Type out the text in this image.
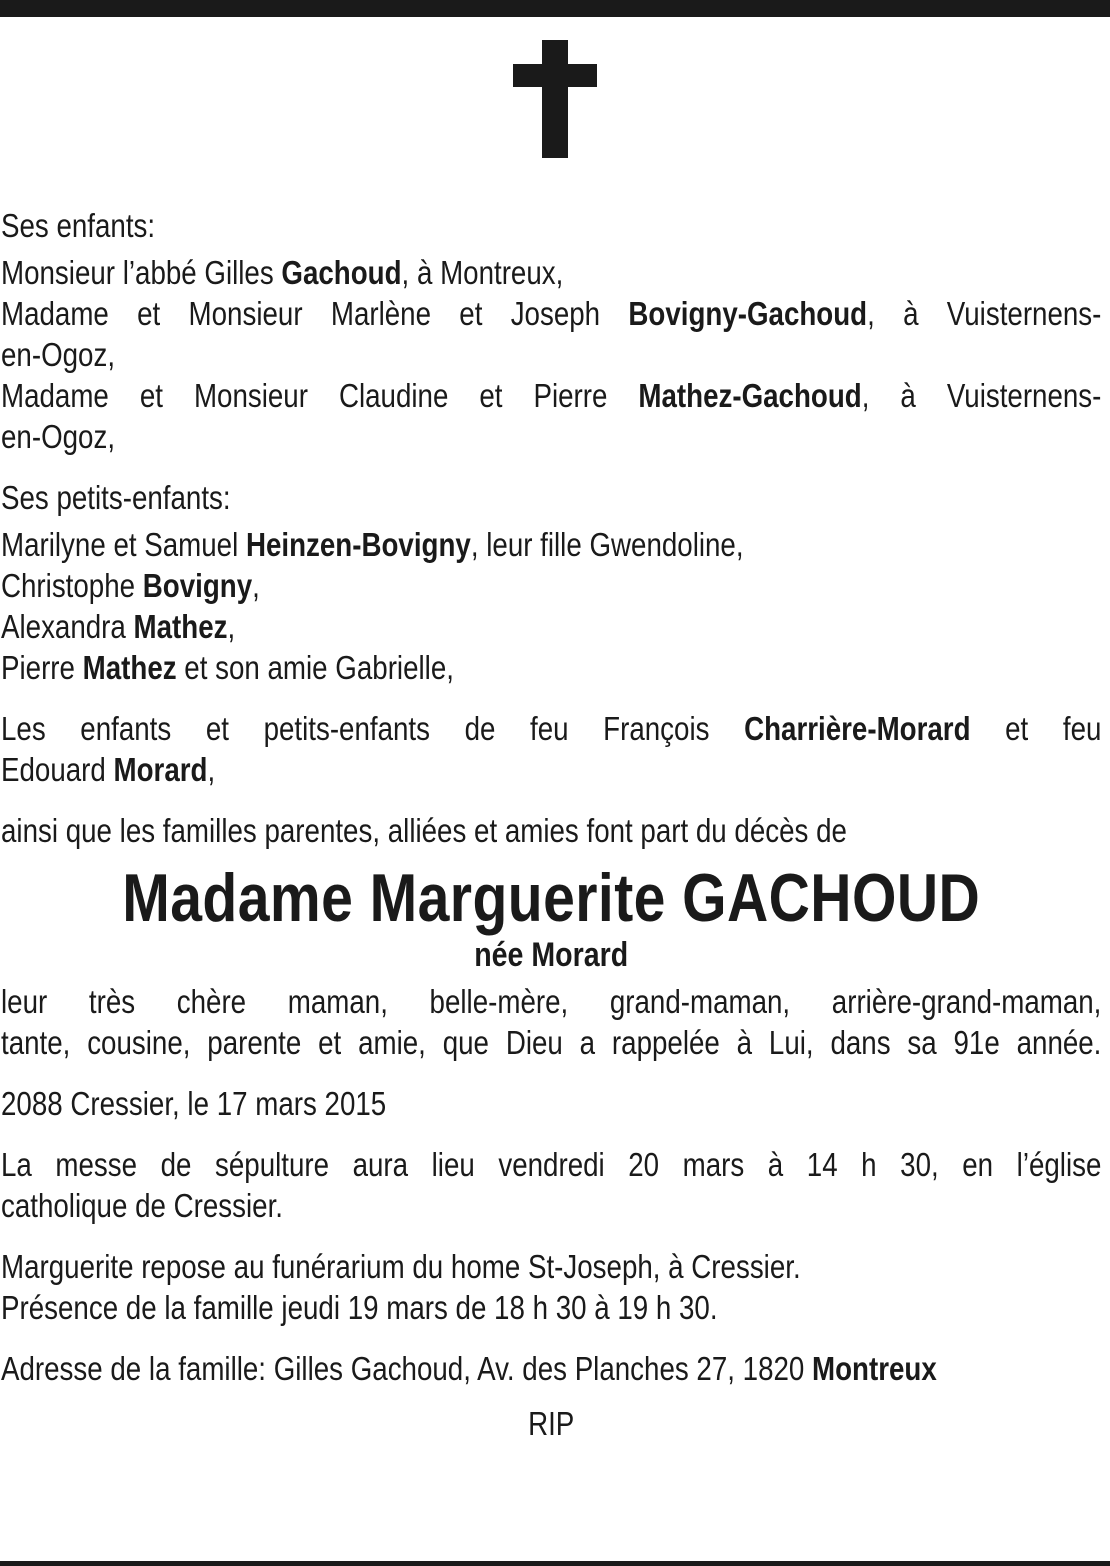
Ses enfants:
Monsieur l’abbé Gilles Gachoud, à Montreux,
Madame et Monsieur Marlène et Joseph Bovigny-Gachoud, à Vuisternens-
en-Ogoz,
Madame et Monsieur Claudine et Pierre Mathez-Gachoud, à Vuisternens-
en-Ogoz,
Ses petits-enfants:
Marilyne et Samuel Heinzen-Bovigny, leur fille Gwendoline,
Christophe Bovigny,
Alexandra Mathez,
Pierre Mathez et son amie Gabrielle,
Les enfants et petits-enfants de feu François Charrière-Morard et feu
Edouard Morard,
ainsi que les familles parentes, alliées et amies font part du décès de
Madame Marguerite GACHOUD
née Morard
leur très chère maman, belle-mère, grand-maman, arrière-grand-maman,
tante, cousine, parente et amie, que Dieu a rappelée à Lui, dans sa 91e année.
2088 Cressier, le 17 mars 2015
La messe de sépulture aura lieu vendredi 20 mars à 14 h 30, en l’église
catholique de Cressier.
Marguerite repose au funérarium du home St-Joseph, à Cressier.
Présence de la famille jeudi 19 mars de 18 h 30 à 19 h 30.
Adresse de la famille: Gilles Gachoud, Av. des Planches 27, 1820 Montreux
RIP
